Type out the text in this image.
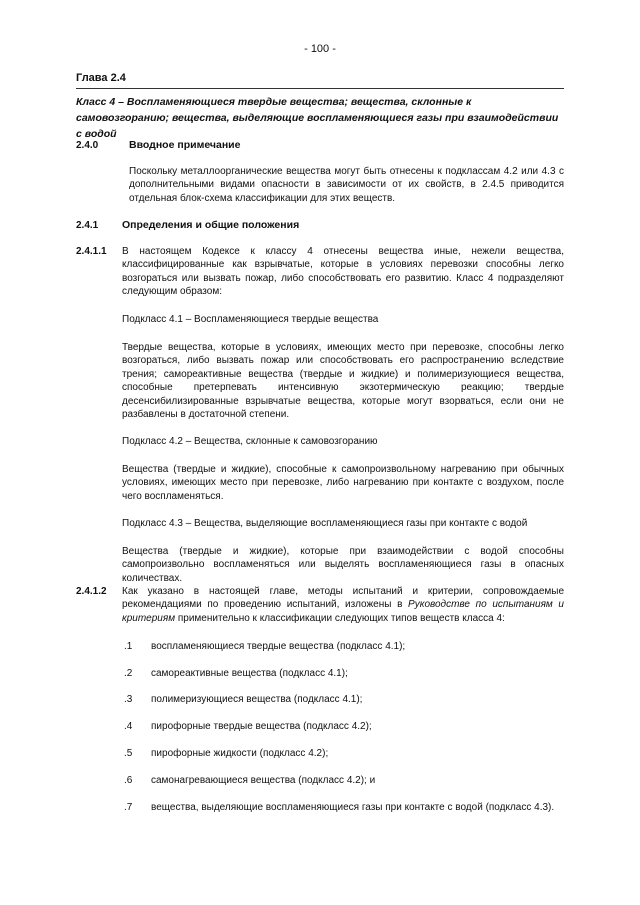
- 100 -
Глава 2.4
Класс 4 – Воспламеняющиеся твердые вещества; вещества, склонные к самовозгоранию; вещества, выделяющие воспламеняющиеся газы при взаимодействии с водой
2.4.0	Вводное примечание
Поскольку металлоорганические вещества могут быть отнесены к подклассам 4.2 или 4.3 с дополнительными видами опасности в зависимости от их свойств, в 2.4.5 приводится отдельная блок-схема классификации для этих веществ.
2.4.1 Определения и общие положения
2.4.1.1 В настоящем Кодексе к классу 4 отнесены вещества иные, нежели вещества, классифицированные как взрывчатые, которые в условиях перевозки способны легко возгораться или вызвать пожар, либо способствовать его развитию. Класс 4 подразделяют следующим образом:
Подкласс 4.1 – Воспламеняющиеся твердые вещества
Твердые вещества, которые в условиях, имеющих место при перевозке, способны легко возгораться, либо вызвать пожар или способствовать его распространению вследствие трения; самореактивные вещества (твердые и жидкие) и полимеризующиеся вещества, способные претерпевать интенсивную экзотермическую реакцию; твердые десенсибилизированные взрывчатые вещества, которые могут взорваться, если они не разбавлены в достаточной степени.
Подкласс 4.2 – Вещества, склонные к самовозгоранию
Вещества (твердые и жидкие), способные к самопроизвольному нагреванию при обычных условиях, имеющих место при перевозке, либо нагреванию при контакте с воздухом, после чего воспламеняться.
Подкласс 4.3 – Вещества, выделяющие воспламеняющиеся газы при контакте с водой
Вещества (твердые и жидкие), которые при взаимодействии с водой способны самопроизвольно воспламеняться или выделять воспламеняющиеся газы в опасных количествах.
2.4.1.2 Как указано в настоящей главе, методы испытаний и критерии, сопровождаемые рекомендациями по проведению испытаний, изложены в Руководстве по испытаниям и критериям применительно к классификации следующих типов веществ класса 4:
.1 воспламеняющиеся твердые вещества (подкласс 4.1);
.2 самореактивные вещества (подкласс 4.1);
.3 полимеризующиеся вещества (подкласс 4.1);
.4 пирофорные твердые вещества (подкласс 4.2);
.5 пирофорные жидкости (подкласс 4.2);
.6 самонагревающиеся вещества (подкласс 4.2); и
.7 вещества, выделяющие воспламеняющиеся газы при контакте с водой (подкласс 4.3).
